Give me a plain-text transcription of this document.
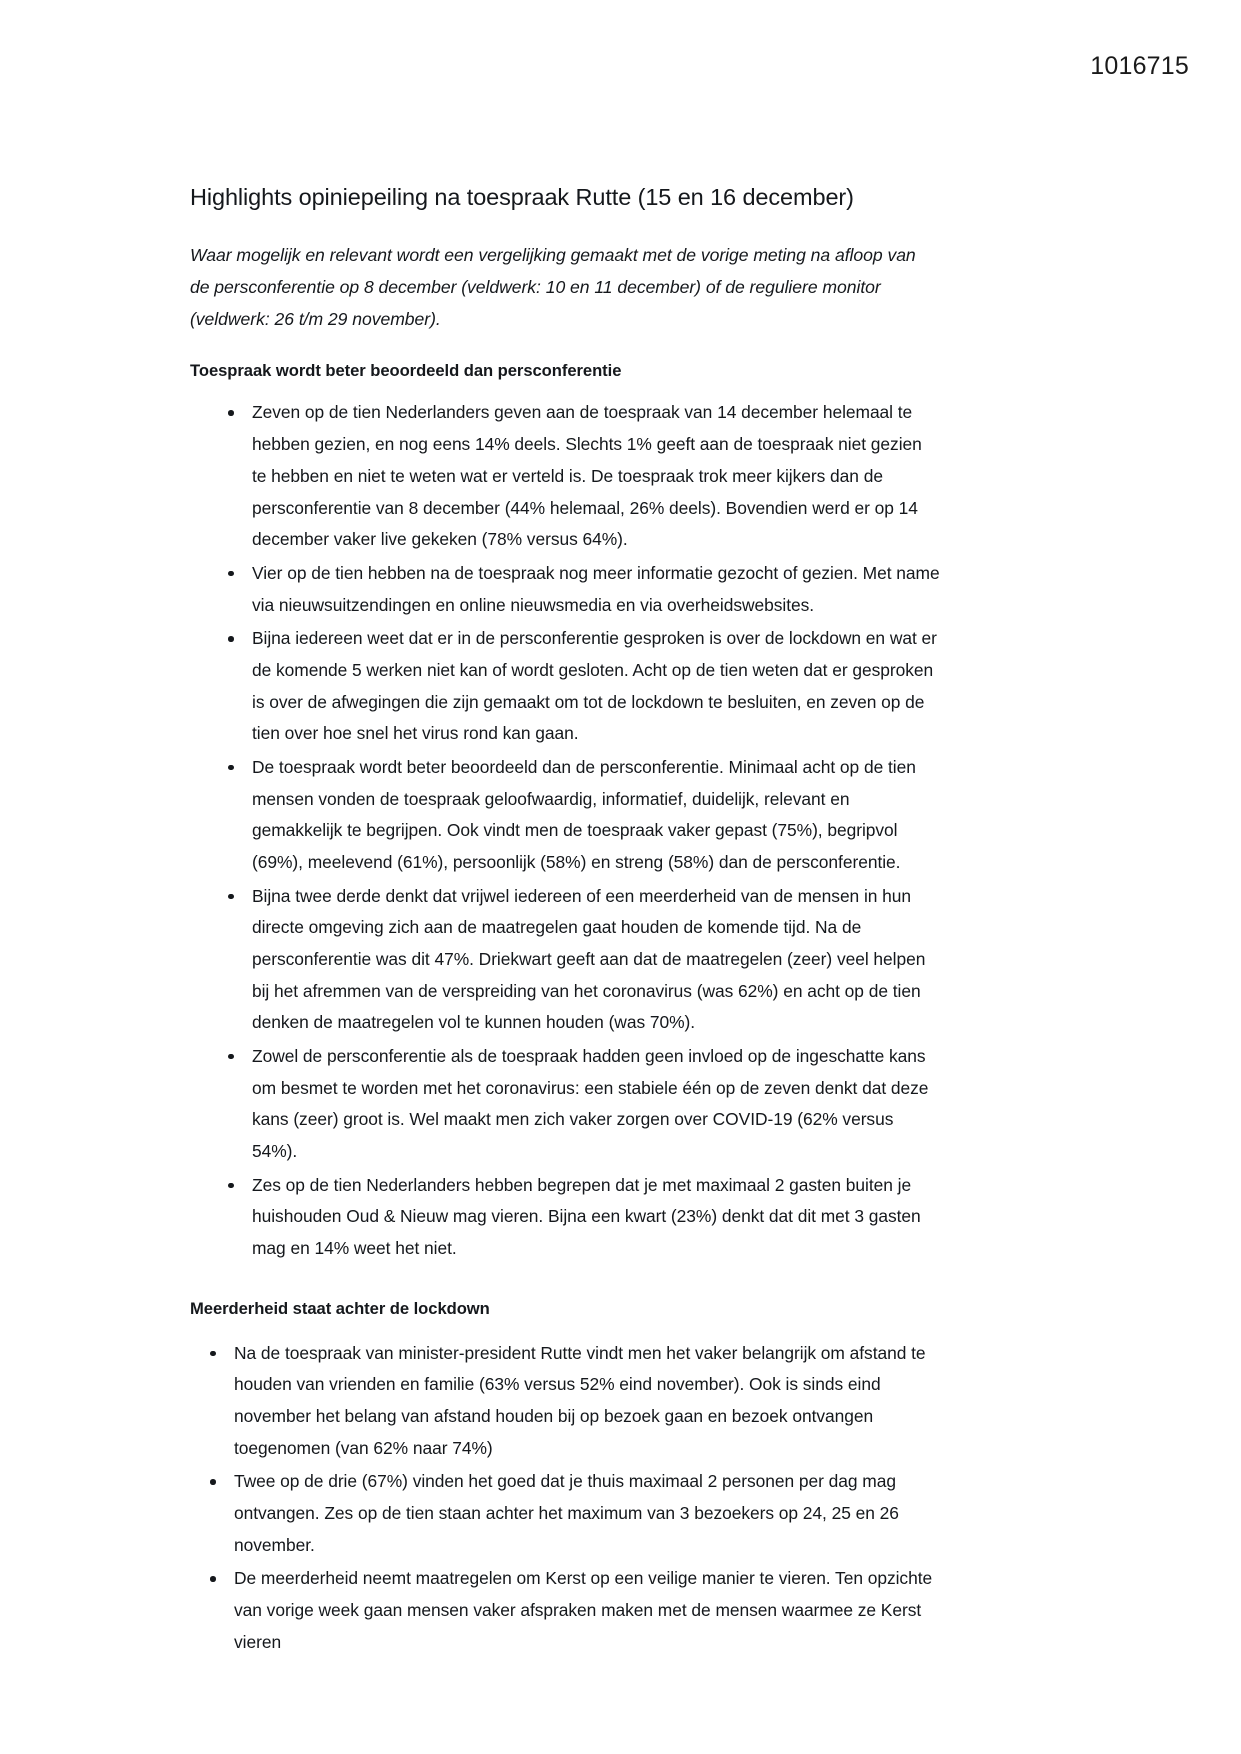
1016715
Highlights opiniepeiling na toespraak Rutte (15 en 16 december)

Waar mogelijk en relevant wordt een vergelijking gemaakt met de vorige meting na afloop van de persconferentie op 8 december (veldwerk: 10 en 11 december) of de reguliere monitor (veldwerk: 26 t/m 29 november).

Toespraak wordt beter beoordeeld dan persconferentie
Zeven op de tien Nederlanders geven aan de toespraak van 14 december helemaal te hebben gezien, en nog eens 14% deels. Slechts 1% geeft aan de toespraak niet gezien te hebben en niet te weten wat er verteld is. De toespraak trok meer kijkers dan de persconferentie van 8 december (44% helemaal, 26% deels). Bovendien werd er op 14 december vaker live gekeken (78% versus 64%).
Vier op de tien hebben na de toespraak nog meer informatie gezocht of gezien. Met name via nieuwsuitzendingen en online nieuwsmedia en via overheidswebsites.
Bijna iedereen weet dat er in de persconferentie gesproken is over de lockdown en wat er de komende 5 werken niet kan of wordt gesloten. Acht op de tien weten dat er gesproken is over de afwegingen die zijn gemaakt om tot de lockdown te besluiten, en zeven op de tien over hoe snel het virus rond kan gaan.
De toespraak wordt beter beoordeeld dan de persconferentie. Minimaal acht op de tien mensen vonden de toespraak geloofwaardig, informatief, duidelijk, relevant en gemakkelijk te begrijpen. Ook vindt men de toespraak vaker gepast (75%), begripvol (69%), meelevend (61%), persoonlijk (58%) en streng (58%) dan de persconferentie.
Bijna twee derde denkt dat vrijwel iedereen of een meerderheid van de mensen in hun directe omgeving zich aan de maatregelen gaat houden de komende tijd. Na de persconferentie was dit 47%. Driekwart geeft aan dat de maatregelen (zeer) veel helpen bij het afremmen van de verspreiding van het coronavirus (was 62%) en acht op de tien denken de maatregelen vol te kunnen houden (was 70%).
Zowel de persconferentie als de toespraak hadden geen invloed op de ingeschatte kans om besmet te worden met het coronavirus: een stabiele één op de zeven denkt dat deze kans (zeer) groot is. Wel maakt men zich vaker zorgen over COVID-19 (62% versus 54%).
Zes op de tien Nederlanders hebben begrepen dat je met maximaal 2 gasten buiten je huishouden Oud & Nieuw mag vieren. Bijna een kwart (23%) denkt dat dit met 3 gasten mag en 14% weet het niet.
Meerderheid staat achter de lockdown
Na de toespraak van minister-president Rutte vindt men het vaker belangrijk om afstand te houden van vrienden en familie (63% versus 52% eind november). Ook is sinds eind november het belang van afstand houden bij op bezoek gaan en bezoek ontvangen toegenomen (van 62% naar 74%)
Twee op de drie (67%) vinden het goed dat je thuis maximaal 2 personen per dag mag ontvangen. Zes op de tien staan achter het maximum van 3 bezoekers op 24, 25 en 26 november.
De meerderheid neemt maatregelen om Kerst op een veilige manier te vieren. Ten opzichte van vorige week gaan mensen vaker afspraken maken met de mensen waarmee ze Kerst vieren
